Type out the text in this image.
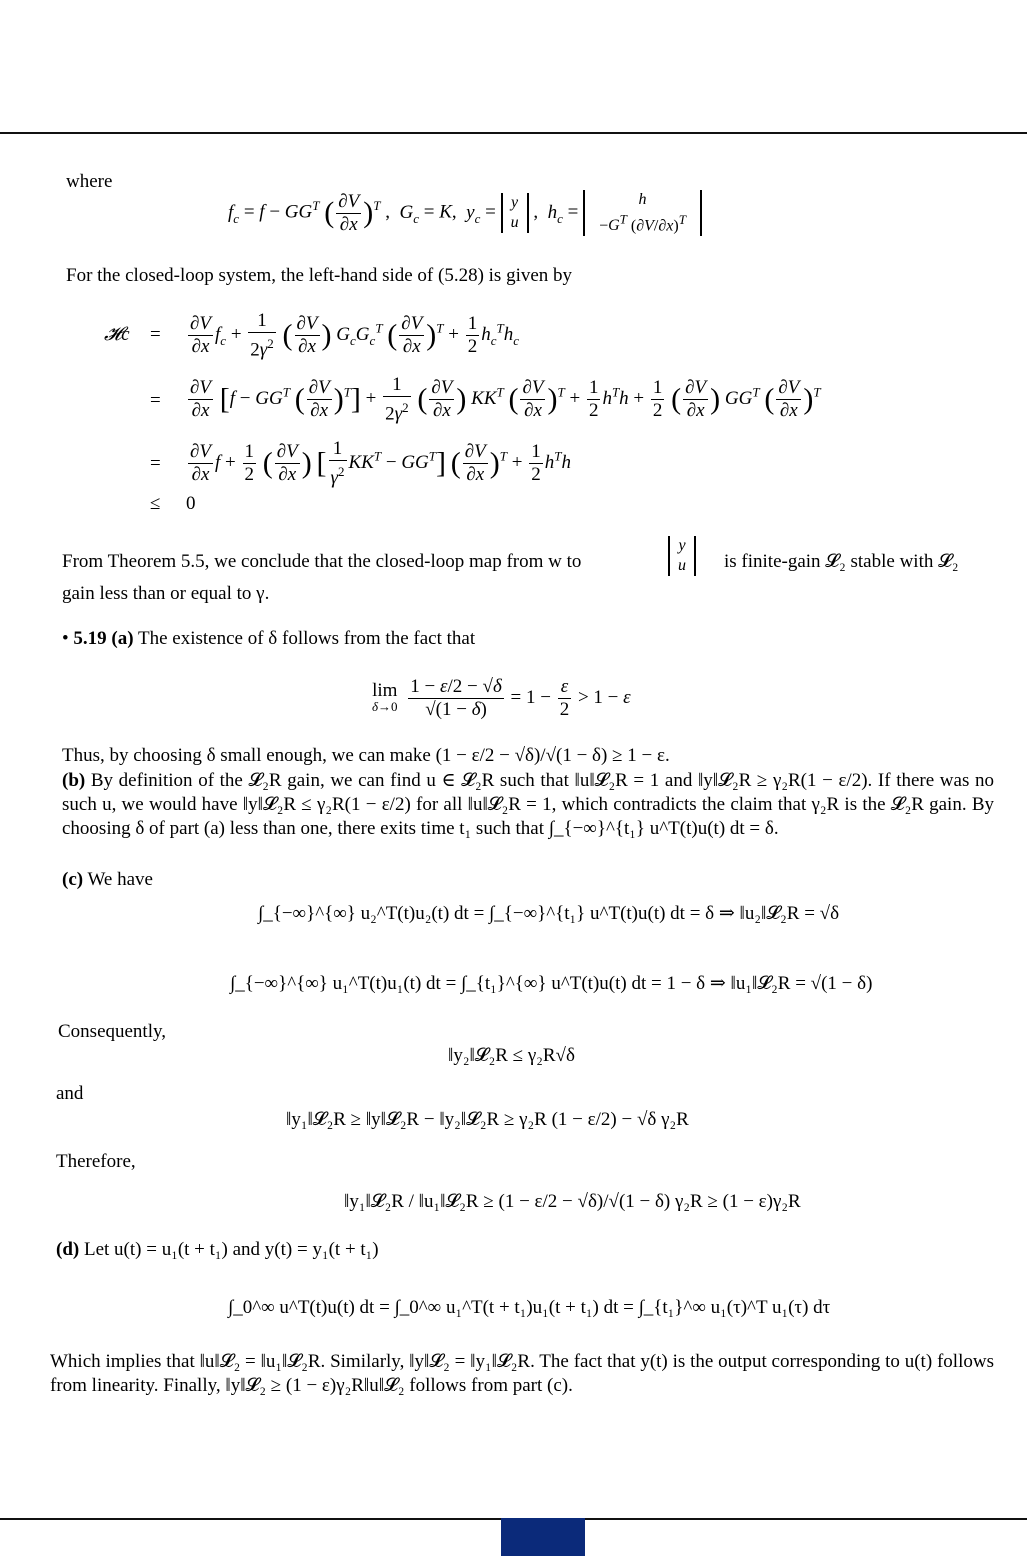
where
$f_c = f - GG^T$ ( $\frac{\partial V}{\partial x} )^T$ ,  $G_c = K$,  $y_c = y$
u ,  $h_c = h$
$-G^T$ $(\partial V/\partial x)^T$
For the closed-loop system, the left-hand side of (5.28) is given by
𝓗c = $\frac{\partial V}{\partial x} f_c + \frac{1}{2\gamma^2}$ ( $\frac{\partial V}{\partial x}$ ) $G_cG_c^T$ ( $\frac{\partial V}{\partial x} )^T + \frac{1}{2} h_c^Th_c$
= $\frac{\partial V}{\partial x} [f - GG^T$ ( $\frac{\partial V}{\partial x} )^T] + \frac{1}{2\gamma^2}$ ( $\frac{\partial V}{\partial x}$ ) $KK^T$ ( $\frac{\partial V}{\partial x} )^T + \frac{1}{2} h^Th + \frac{1}{2}$ ( $\frac{\partial V}{\partial x}$ ) $GG^T$ ( $\frac{\partial V}{\partial x} )^T$
= $\frac{\partial V}{\partial x}$ $f + \frac{1}{2}$ ( $\frac{\partial V}{\partial x}$ ) [ $\frac{1}{\gamma^2} KK^T - GG^T$] ( $\frac{\partial V}{\partial x} )^T + \frac{1}{2} h^Th$
≤ 0
From Theorem 5.5, we conclude that the closed-loop map from w to
y
u	is finite-gain 𝓛₂ stable with 𝓛₂
gain less than or equal to γ.
• 5.19 (a) The existence of δ follows from the fact that
lim
δ→0
$\frac{1 - \varepsilon/2 - √\delta}{√(1 - \delta)} = 1 - \frac{\varepsilon}{2} > 1 - \varepsilon$
Thus, by choosing δ small enough, we can make (1 − ε/2 − √δ)/√(1 − δ) ≥ 1 − ε.
(b) By definition of the 𝓛₂R gain, we can find u ∈ 𝓛₂R such that ‖u‖𝓛₂R = 1 and ‖y‖𝓛₂R ≥ γ₂R(1 − ε/2). If there was no such u, we would have ‖y‖𝓛₂R ≤ γ₂R(1 − ε/2) for all ‖u‖𝓛₂R = 1, which contradicts the claim that γ₂R is the 𝓛₂R gain. By choosing δ of part (a) less than one, there exits time t₁ such that ∫_{−∞}^{t₁} u^T(t)u(t) dt = δ.
(c) We have
∫_{−∞}^{∞} u₂^T(t)u₂(t) dt = ∫_{−∞}^{t₁} u^T(t)u(t) dt = δ ⇒ ‖u₂‖𝓛₂R = √δ
∫_{−∞}^{∞} u₁^T(t)u₁(t) dt = ∫_{t₁}^{∞} u^T(t)u(t) dt = 1 − δ ⇒ ‖u₁‖𝓛₂R = √(1 − δ)
Consequently,
‖y₂‖𝓛₂R ≤ γ₂R√δ
and
‖y₁‖𝓛₂R ≥ ‖y‖𝓛₂R − ‖y₂‖𝓛₂R ≥ γ₂R (1 − ε/2) − √δ γ₂R
Therefore,
‖y₁‖𝓛₂R / ‖u₁‖𝓛₂R ≥ (1 − ε/2 − √δ)/√(1 − δ) γ₂R ≥ (1 − ε)γ₂R
(d) Let u(t) = u₁(t + t₁) and y(t) = y₁(t + t₁)
∫_0^∞ u^T(t)u(t) dt = ∫_0^∞ u₁^T(t + t₁)u₁(t + t₁) dt = ∫_{t₁}^∞ u₁(τ)^T u₁(τ) dτ
Which implies that ‖u‖𝓛₂ = ‖u₁‖𝓛₂R. Similarly, ‖y‖𝓛₂ = ‖y₁‖𝓛₂R. The fact that y(t) is the output corresponding to u(t) follows from linearity. Finally, ‖y‖𝓛₂ ≥ (1 − ε)γ₂R‖u‖𝓛₂ follows from part (c).
